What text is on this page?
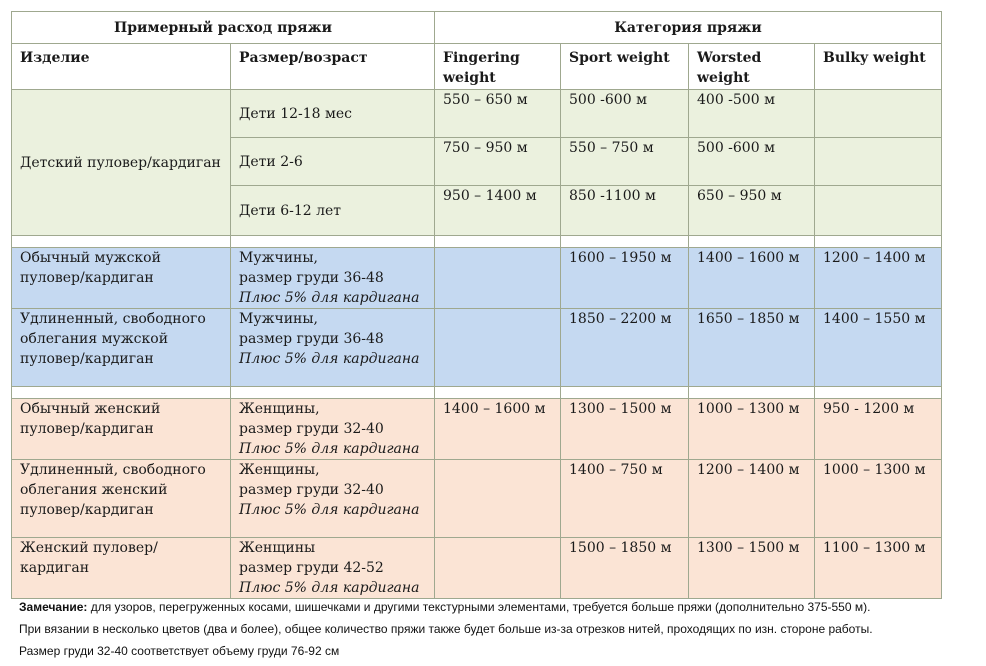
Примерный расход пряжи		Категория пряжи			
Изделие	Размер/возраст	Fingering weight	Sport weight	Worsted weight	Bulky weight
Детский пуловер/кардиган	Дети 12-18 мес	550 – 650 м	500 -600 м	400 -500 м	
	Дети 2-6	750 – 950 м	550 – 750 м	500 -600 м	
	Дети 6-12 лет	950 – 1400 м	850 -1100 м	650 – 950 м	

Обычный мужской пуловер/кардиган	Мужчины,
размер груди 36-48
Плюс 5% для кардигана		1600 – 1950 м	1400 – 1600 м	1200 – 1400 м
Удлиненный, свободного облегания мужской пуловер/кардиган	Мужчины,
размер груди 36-48
Плюс 5% для кардигана		1850 – 2200 м	1650 – 1850 м	1400 – 1550 м

Обычный женский пуловер/кардиган	Женщины,
размер груди 32-40
Плюс 5% для кардигана	1400 – 1600 м	1300 – 1500 м	1000 – 1300 м	950 - 1200 м
Удлиненный, свободного облегания женский пуловер/кардиган	Женщины,
размер груди 32-40
Плюс 5% для кардигана		1400 – 750 м	1200 – 1400 м	1000 – 1300 м
Женский пуловер/кардиган	Женщины
размер груди 42-52
Плюс 5% для кардигана		1500 – 1850 м	1300 – 1500 м	1100 – 1300 м
Замечание: для узоров, перегруженных косами, шишечками и другими текстурными элементами, требуется больше пряжи (дополнительно 375-550 м).
При вязании в несколько цветов (два и более), общее количество пряжи также будет больше из-за отрезков нитей, проходящих по изн. стороне работы.
Размер груди 32-40 соответствует объему груди 76-92 см
